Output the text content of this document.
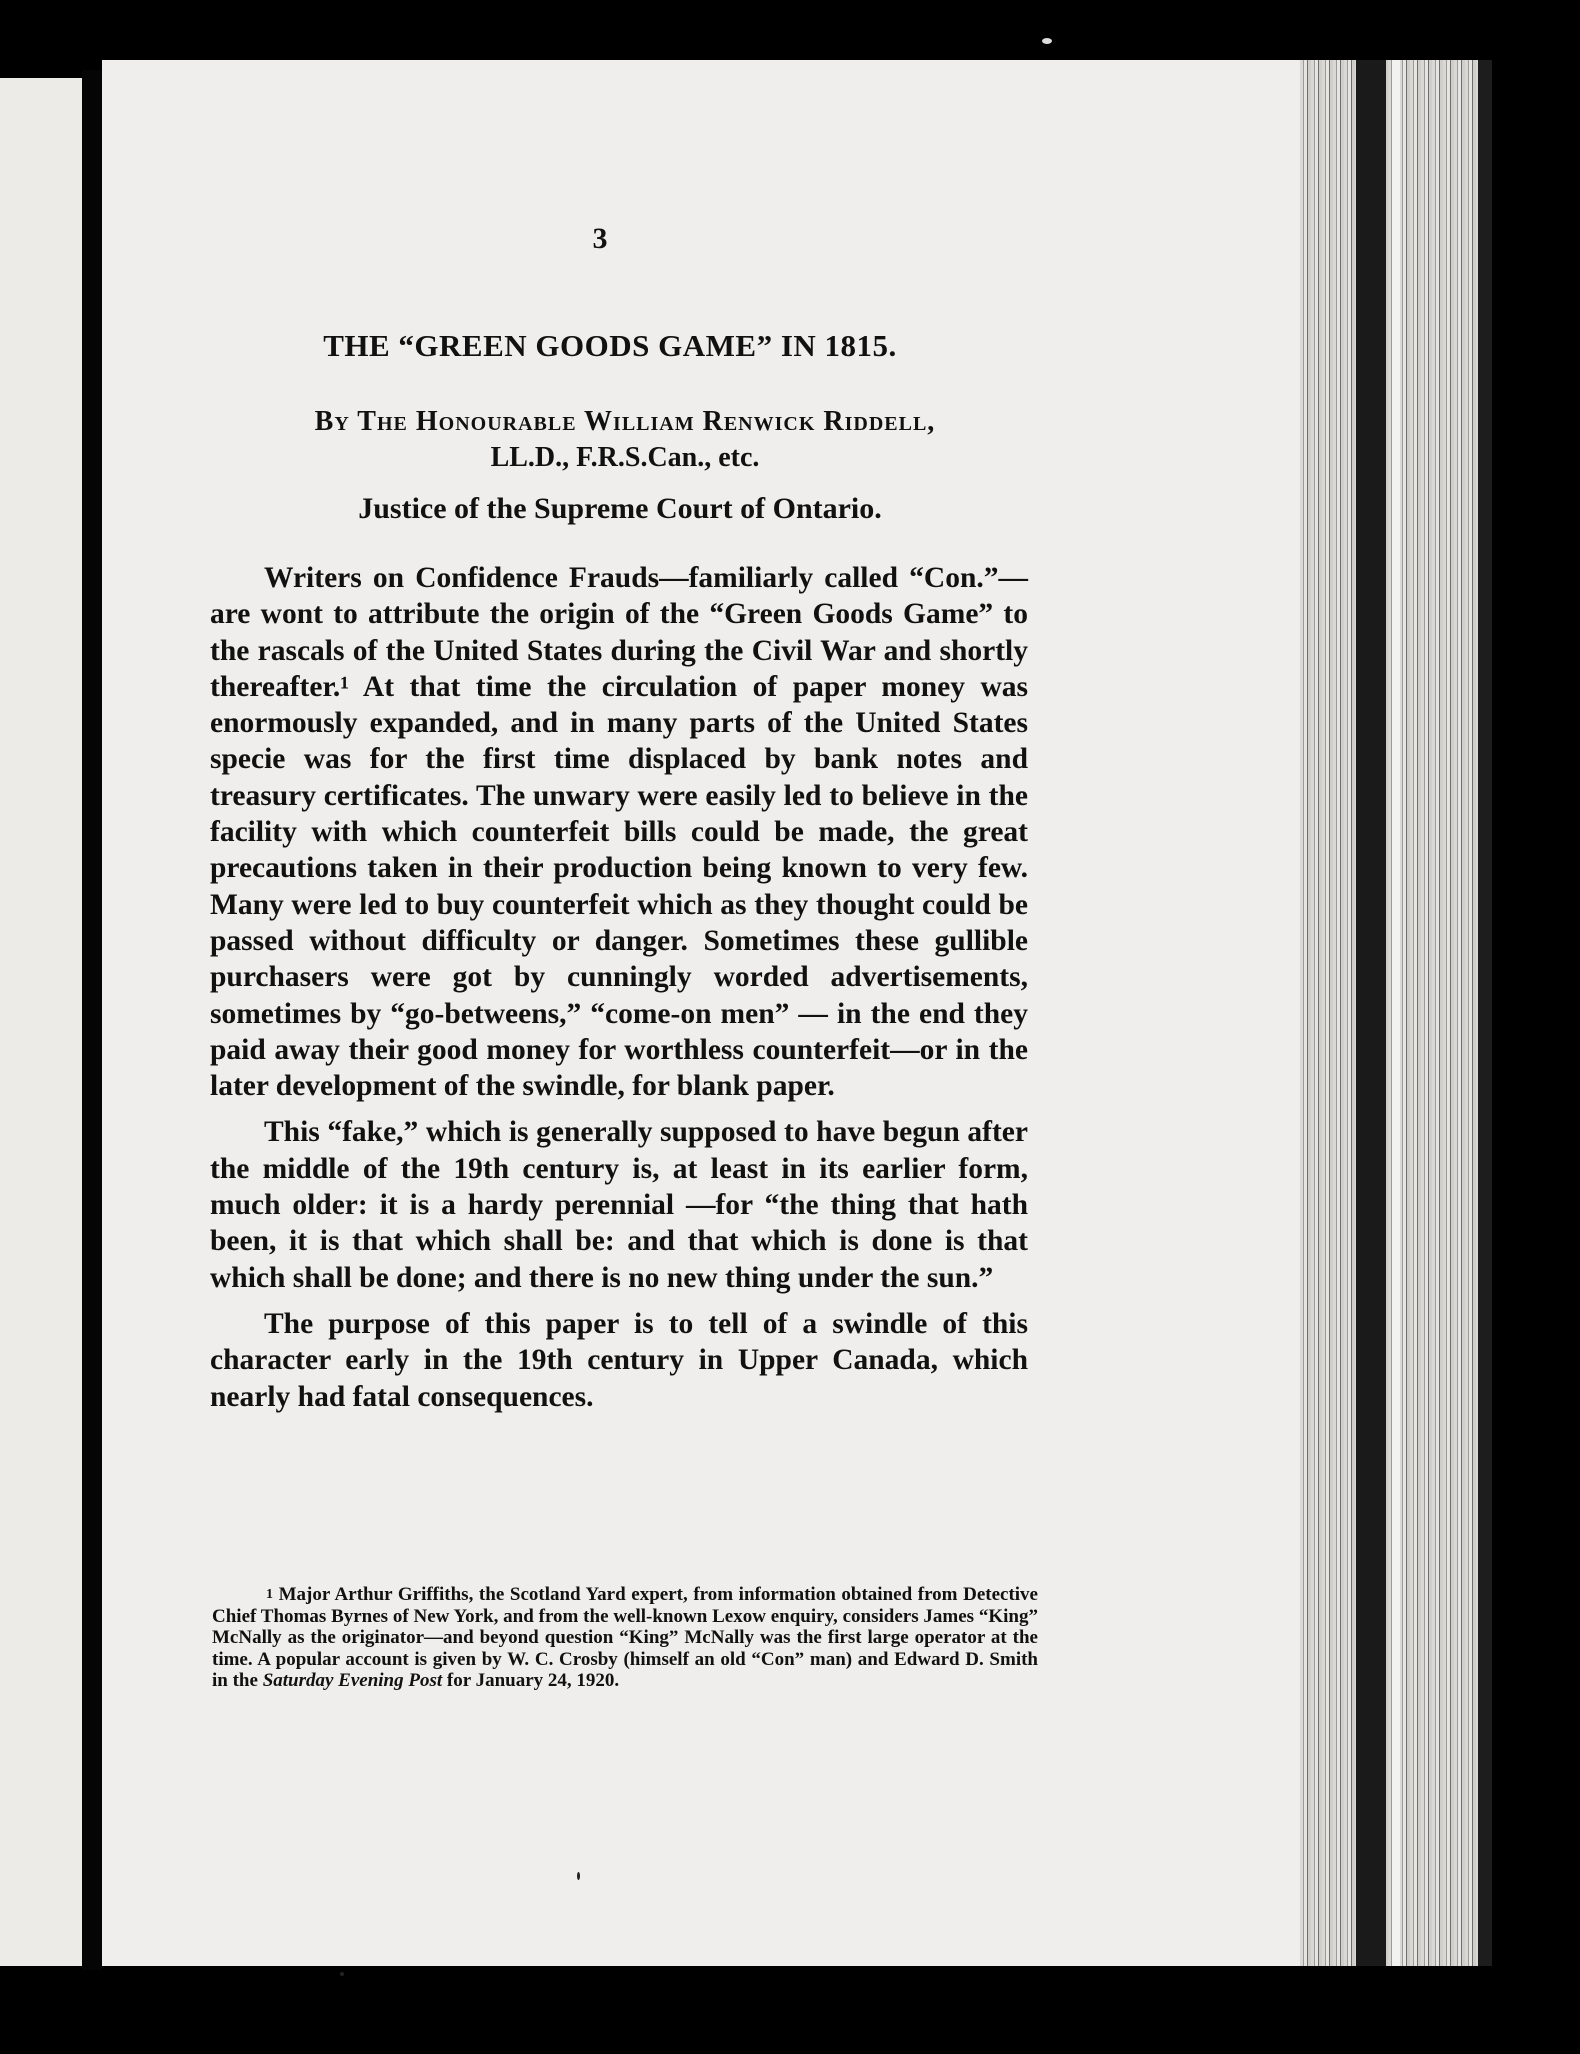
3
THE “GREEN GOODS GAME” IN 1815.
By The Honourable William Renwick Riddell,
LL.D., F.R.S.Can., etc.
Justice of the Supreme Court of Ontario.

Writers on Confidence Frauds—familiarly called “Con.”—are wont to attribute the origin of the “Green Goods Game” to the rascals of the United States during the Civil War and shortly thereafter.¹ At that time the circulation of paper money was enormously expanded, and in many parts of the United States specie was for the first time displaced by bank notes and treasury certificates. The unwary were easily led to believe in the facility with which counterfeit bills could be made, the great precautions taken in their production being known to very few. Many were led to buy counterfeit which as they thought could be passed without difficulty or danger. Sometimes these gullible purchasers were got by cunningly worded advertisements, sometimes by “go-betweens,” “come-on men” — in the end they paid away their good money for worthless counterfeit—or in the later development of the swindle, for blank paper.

This “fake,” which is generally supposed to have begun after the middle of the 19th century is, at least in its earlier form, much older: it is a hardy perennial —for “the thing that hath been, it is that which shall be: and that which is done is that which shall be done; and there is no new thing under the sun.”

The purpose of this paper is to tell of a swindle of this character early in the 19th century in Upper Canada, which nearly had fatal consequences.

$^1$ Major Arthur Griffiths, the Scotland Yard expert, from information obtained from Detective Chief Thomas Byrnes of New York, and from the well-known Lexow enquiry, considers James “King” McNally as the originator—and beyond question “King” McNally was the first large operator at the time. A popular account is given by W. C. Crosby (himself an old “Con” man) and Edward D. Smith in the Saturday Evening Post for January 24, 1920.
